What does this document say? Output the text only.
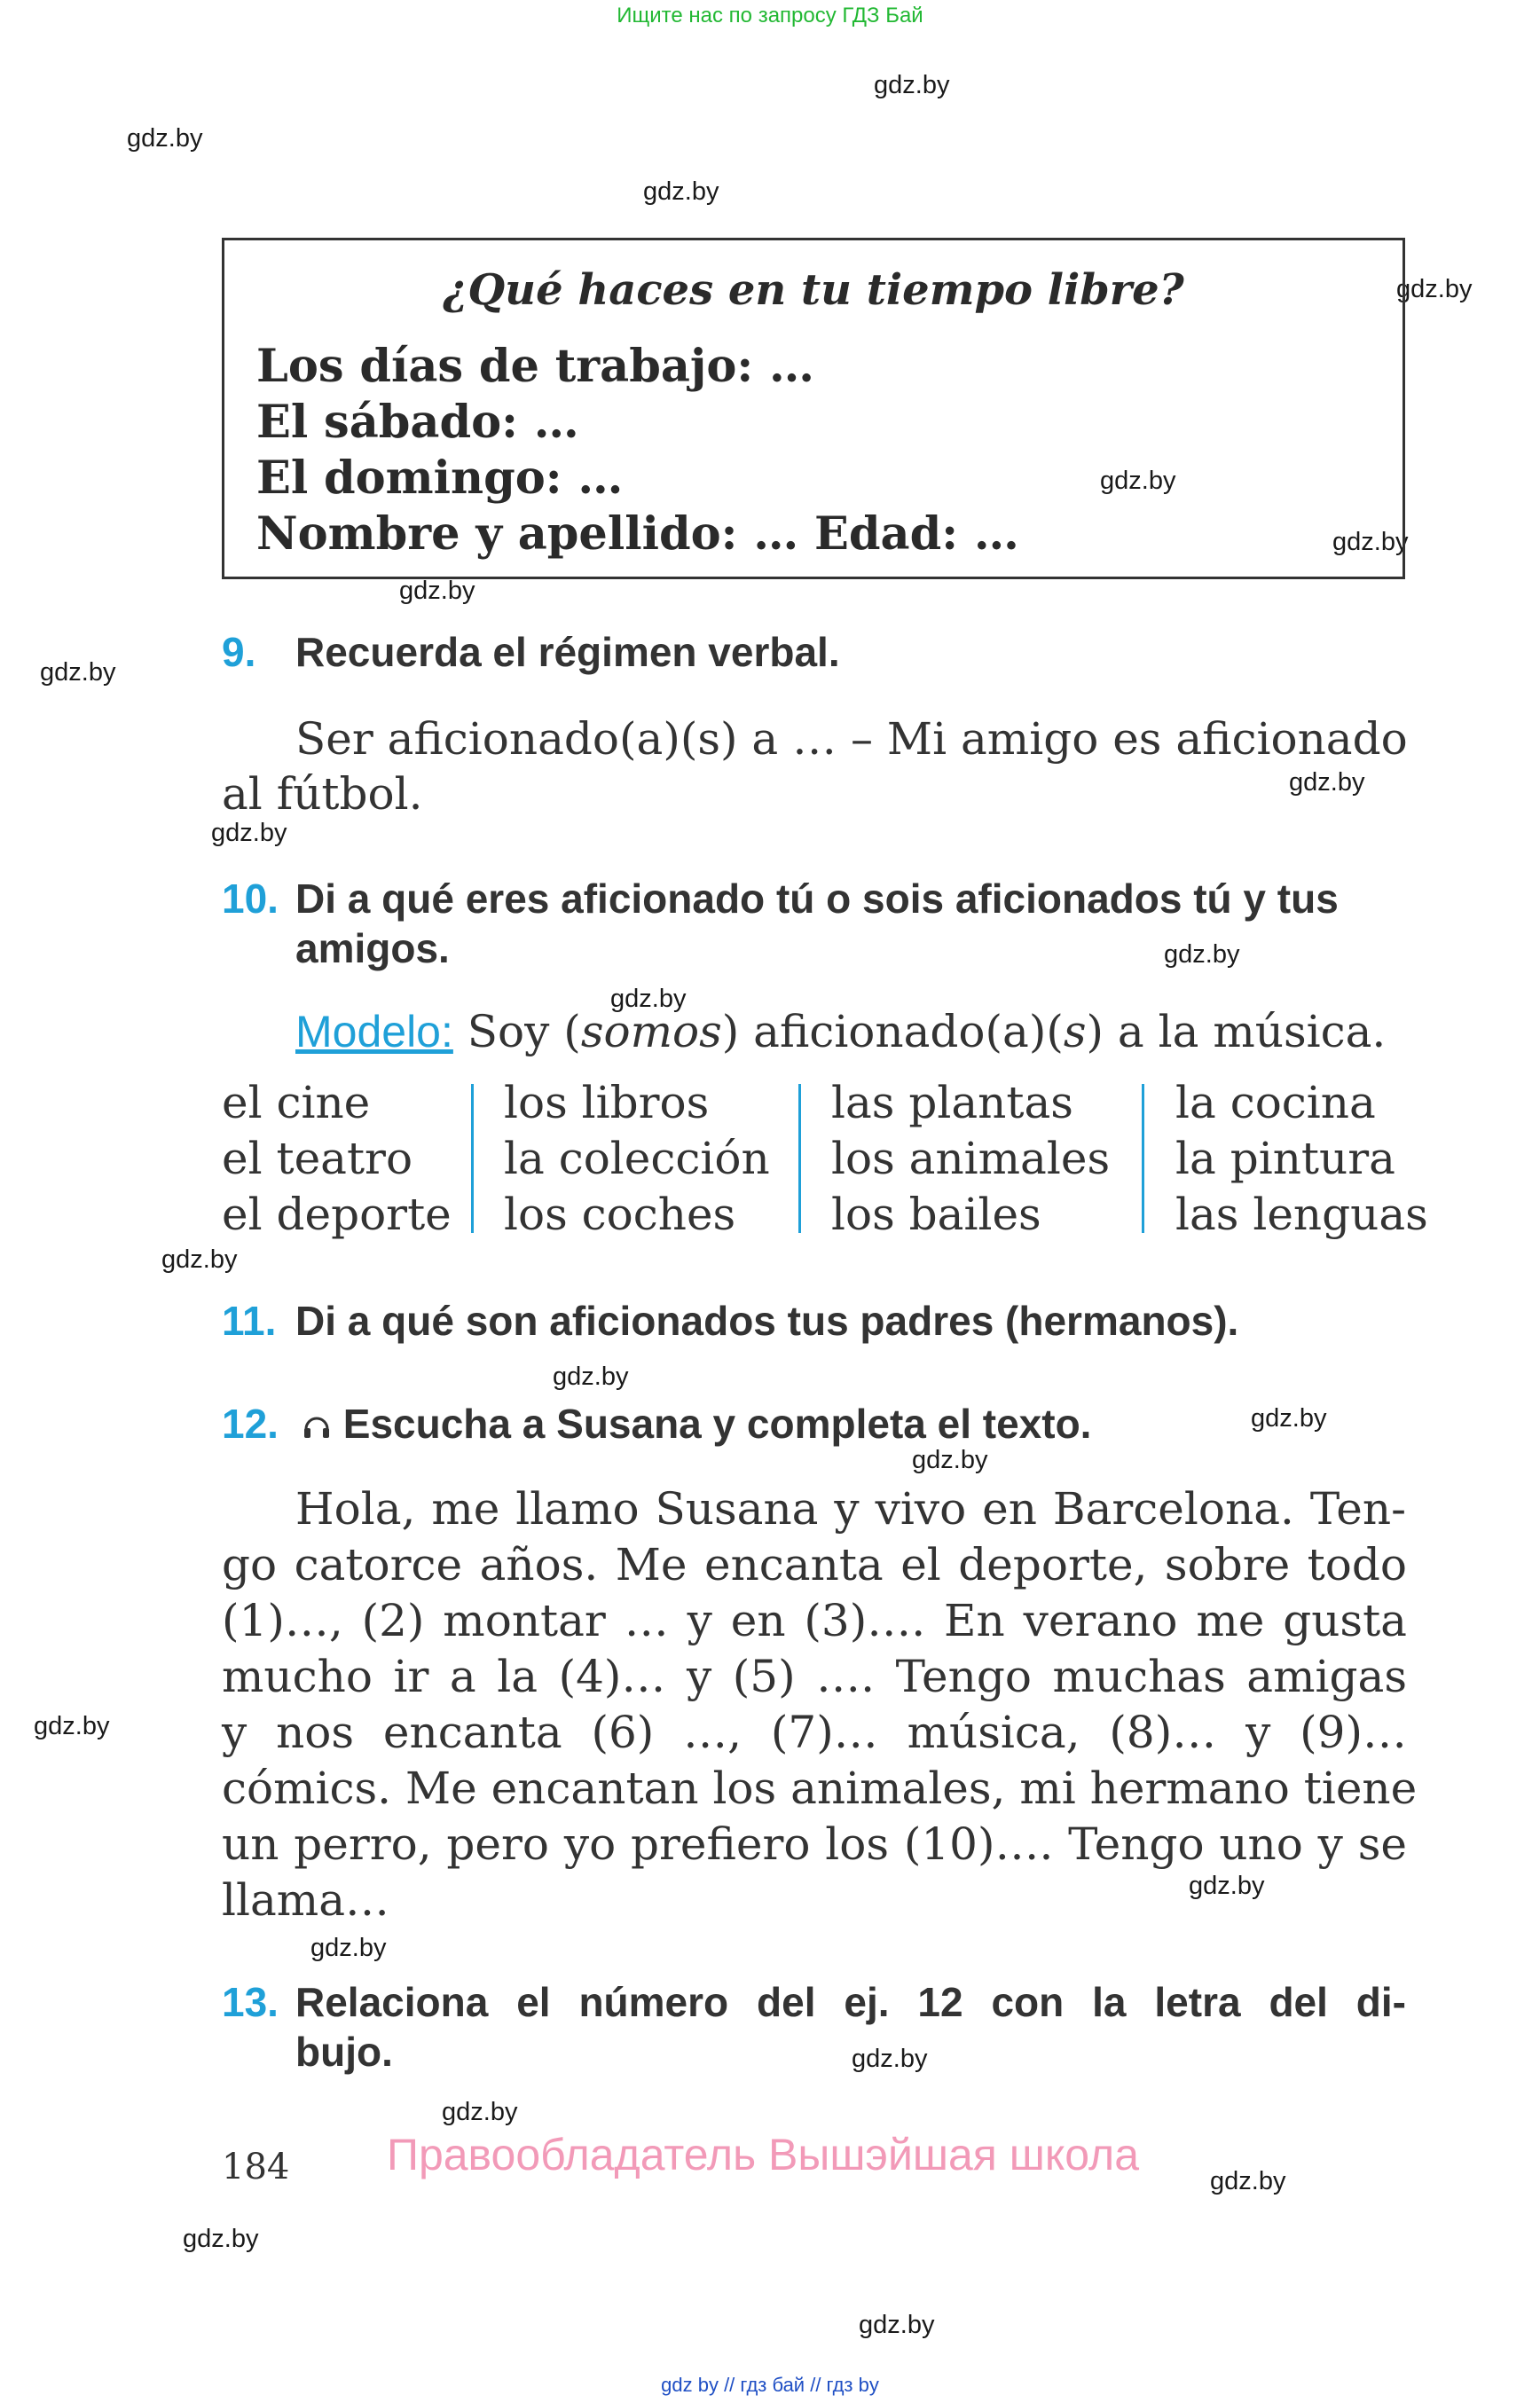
Ищите нас по запросу ГДЗ Бай
gdz.by
gdz.by
gdz.by
gdz.by
gdz.by
gdz.by
gdz.by
gdz.by
gdz.by
gdz.by
gdz.by
gdz.by
gdz.by
gdz.by
gdz.by
gdz.by
gdz.by
gdz.by
gdz.by
gdz.by
gdz.by
gdz.by
gdz.by
gdz.by
¿Qué haces en tu tiempo libre?
Los días de trabajo: …
El sábado: …
El domingo: …
Nombre y apellido: … Edad: …
9. Recuerda el régimen verbal.
Ser aficionado(a)(s) a … – Mi amigo es aficionado
al fútbol.
10. Di a qué eres aficionado tú o sois aficionados tú y tus
amigos.
Modelo: Soy (somos) aficionado(a)(s) a la música.
el cine
el teatro
el deporte
los libros
la colección
los coches
las plantas
los animales
los bailes
la cocina
la pintura
las lenguas
11. Di a qué son aficionados tus padres (hermanos).
12.	Escucha a Susana y completa el texto.
Hola, me llamo Susana y vivo en Barcelona. Ten-
go catorce años. Me encanta el deporte, sobre todo
(1)…, (2) montar … y en (3)…. En verano me gusta
mucho ir a la (4)… y (5) …. Tengo muchas amigas
y nos encanta (6) …, (7)… música, (8)… y (9)…
cómics. Me encantan los animales, mi hermano tiene
un perro, pero yo prefiero los (10)…. Tengo uno y se
llama…
13. Relaciona el número del ej. 12 con la letra del di-
bujo.
184 Правообладатель Вышэйшая школа
gdz by // гдз бай // гдз by
